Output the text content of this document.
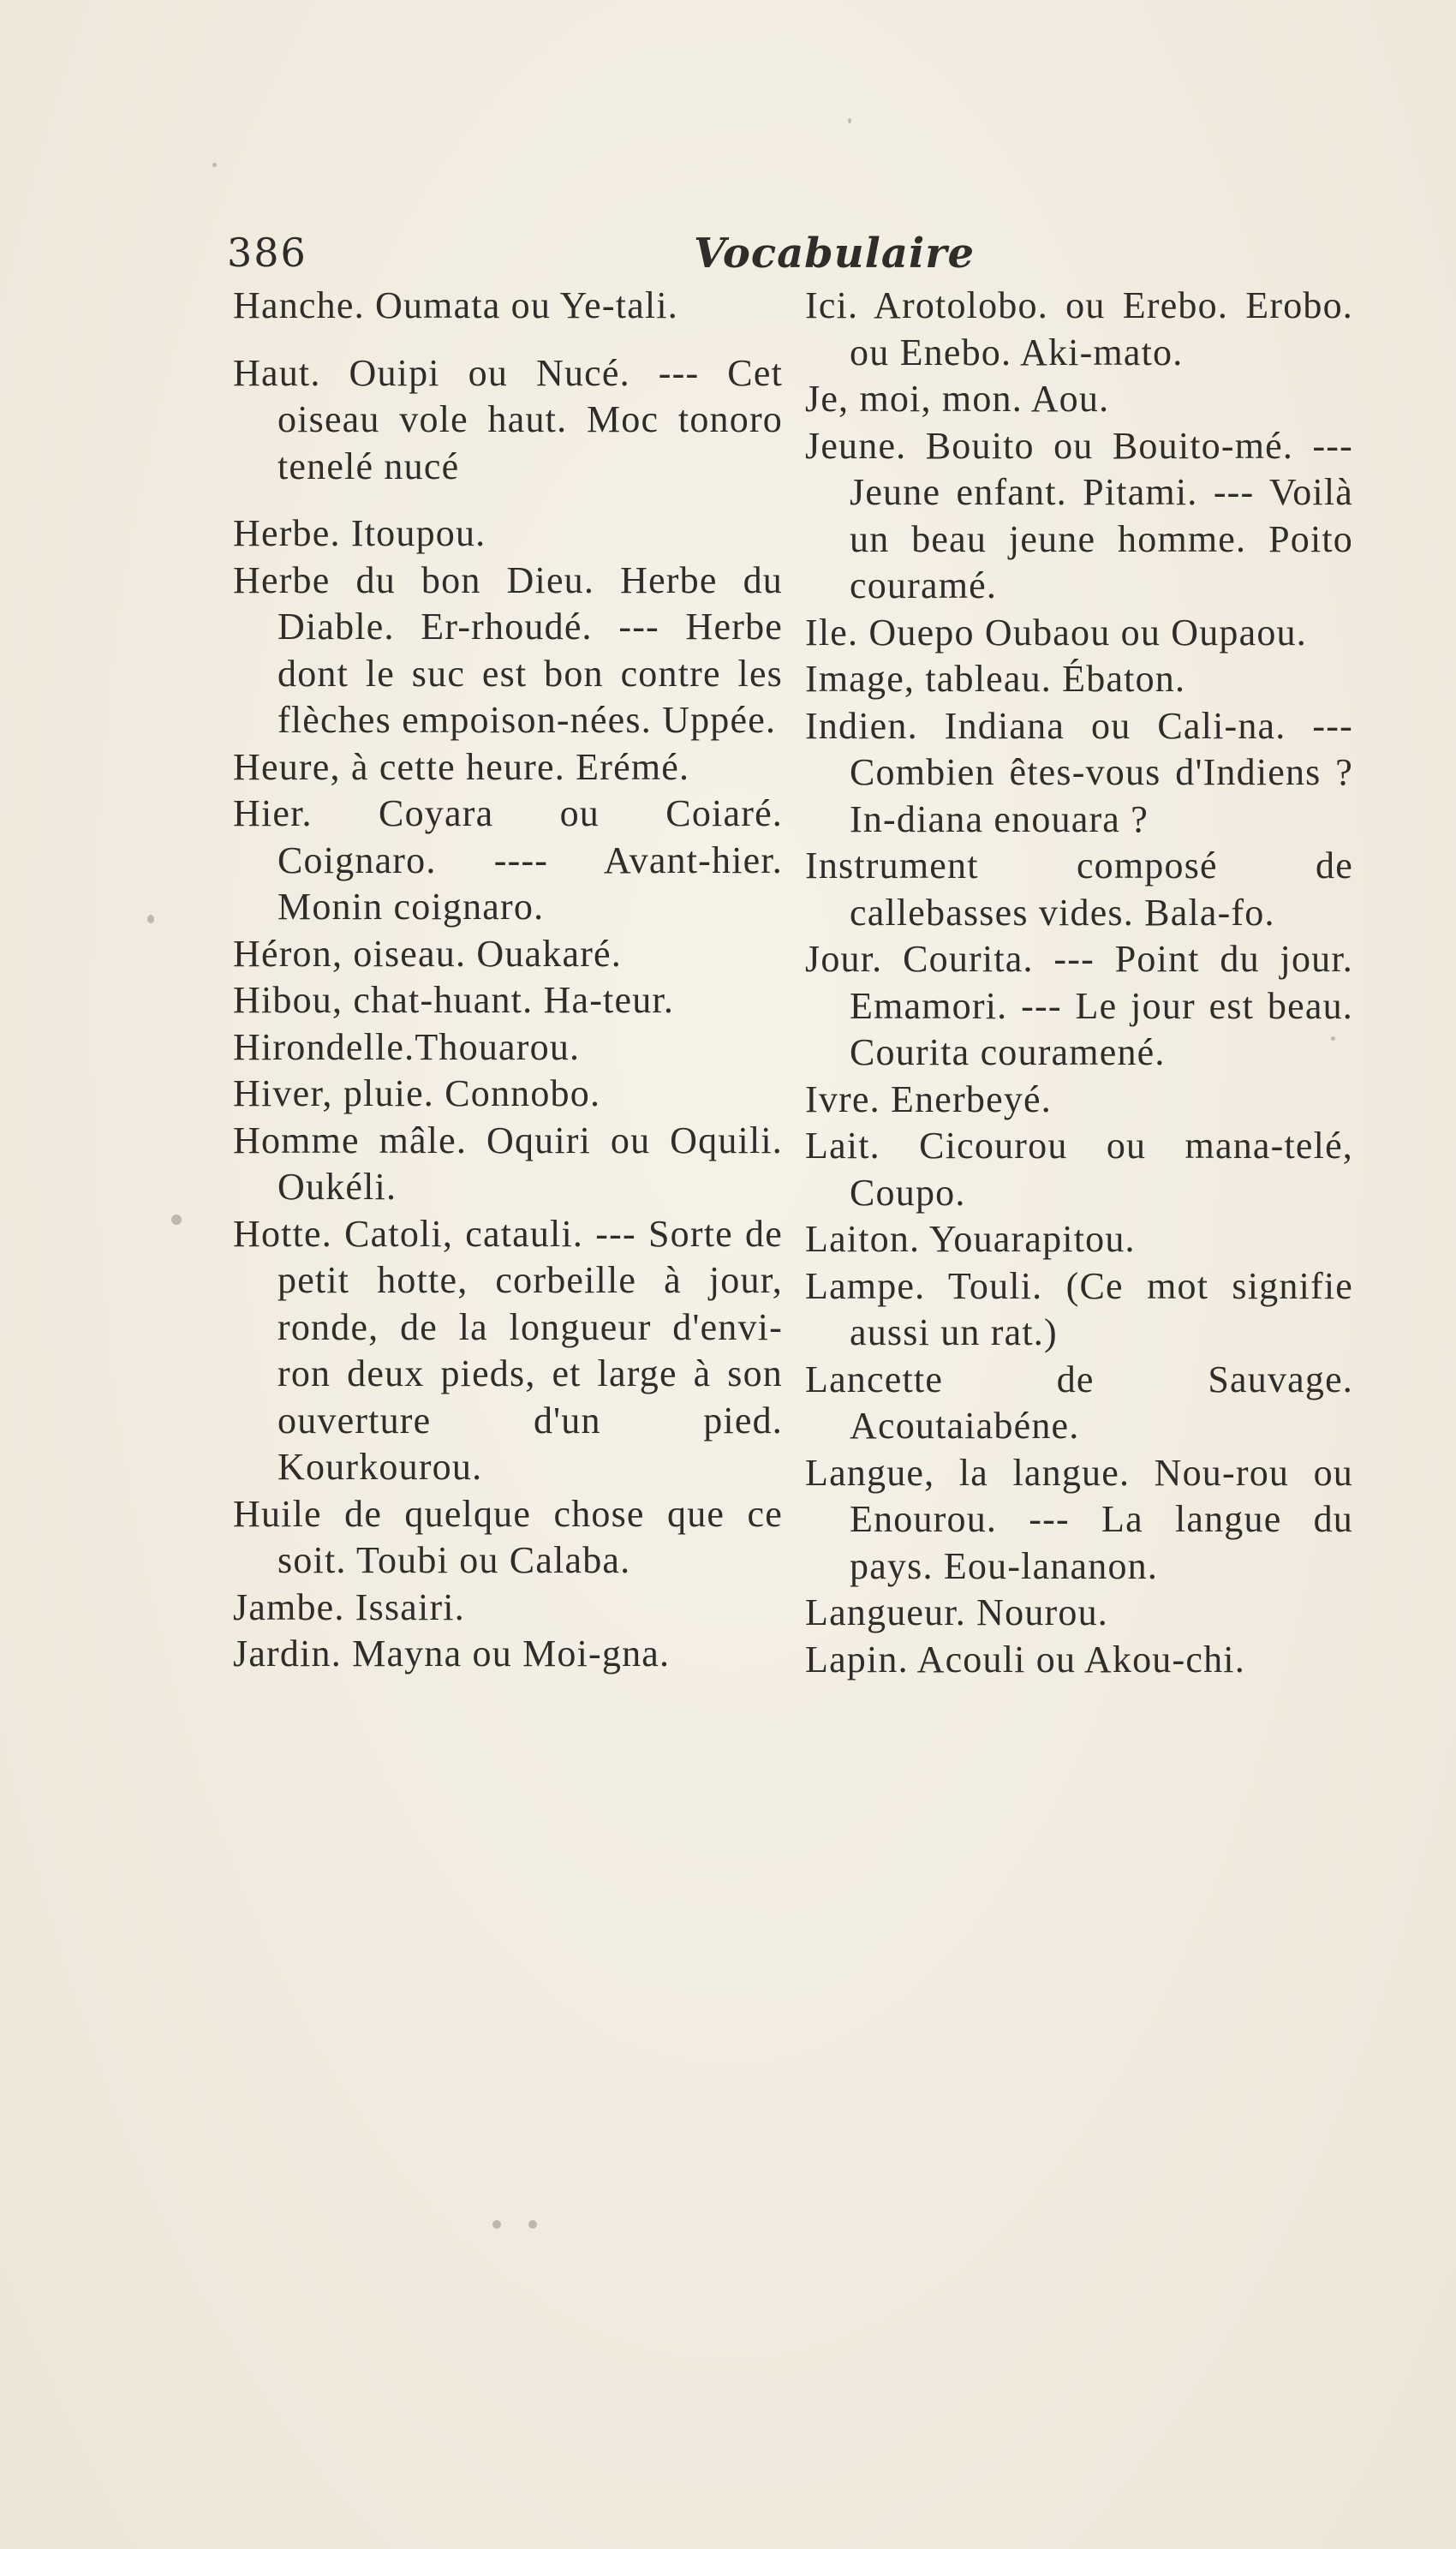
386	Vocabulaire

Hanche. Oumata ou Ye-tali.

Haut. Ouipi ou Nucé. --- Cet oiseau vole haut. Moc tonoro tenelé nucé

Herbe. Itoupou.

Herbe du bon Dieu. Herbe du Diable. Er-rhoudé. --- Herbe dont le suc est bon contre les flèches empoison-nées. Uppée.

Heure, à cette heure. Erémé.

Hier. Coyara ou Coiaré. Coignaro. ---- Avant-hier. Monin coignaro.

Héron, oiseau. Ouakaré.

Hibou, chat-huant. Ha-teur.

Hirondelle.Thouarou.

Hiver, pluie. Connobo.

Homme mâle. Oquiri ou Oquili. Oukéli.

Hotte. Catoli, catauli. --- Sorte de petit hotte, corbeille à jour, ronde, de la longueur d'envi-ron deux pieds, et large à son ouverture d'un pied. Kourkourou.

Huile de quelque chose que ce soit. Toubi ou Calaba.

Jambe. Issairi.

Jardin. Mayna ou Moi-gna.

Ici. Arotolobo. ou Erebo. Erobo. ou Enebo. Aki-mato.

Je, moi, mon. Aou.

Jeune. Bouito ou Bouito-mé. --- Jeune enfant. Pitami. --- Voilà un beau jeune homme. Poito couramé.

Ile. Ouepo Oubaou ou Oupaou.

Image, tableau. Ébaton.

Indien. Indiana ou Cali-na. --- Combien êtes-vous d'Indiens ? In-diana enouara ?

Instrument composé de callebasses vides. Bala-fo.

Jour. Courita. --- Point du jour. Emamori. --- Le jour est beau. Courita couramené.

Ivre. Enerbeyé.

Lait. Cicourou ou mana-telé, Coupo.

Laiton. Youarapitou.

Lampe. Touli. (Ce mot signifie aussi un rat.)

Lancette de Sauvage. Acoutaiabéne.

Langue, la langue. Nou-rou ou Enourou. --- La langue du pays. Eou-lananon.

Langueur. Nourou.

Lapin. Acouli ou Akou-chi.
